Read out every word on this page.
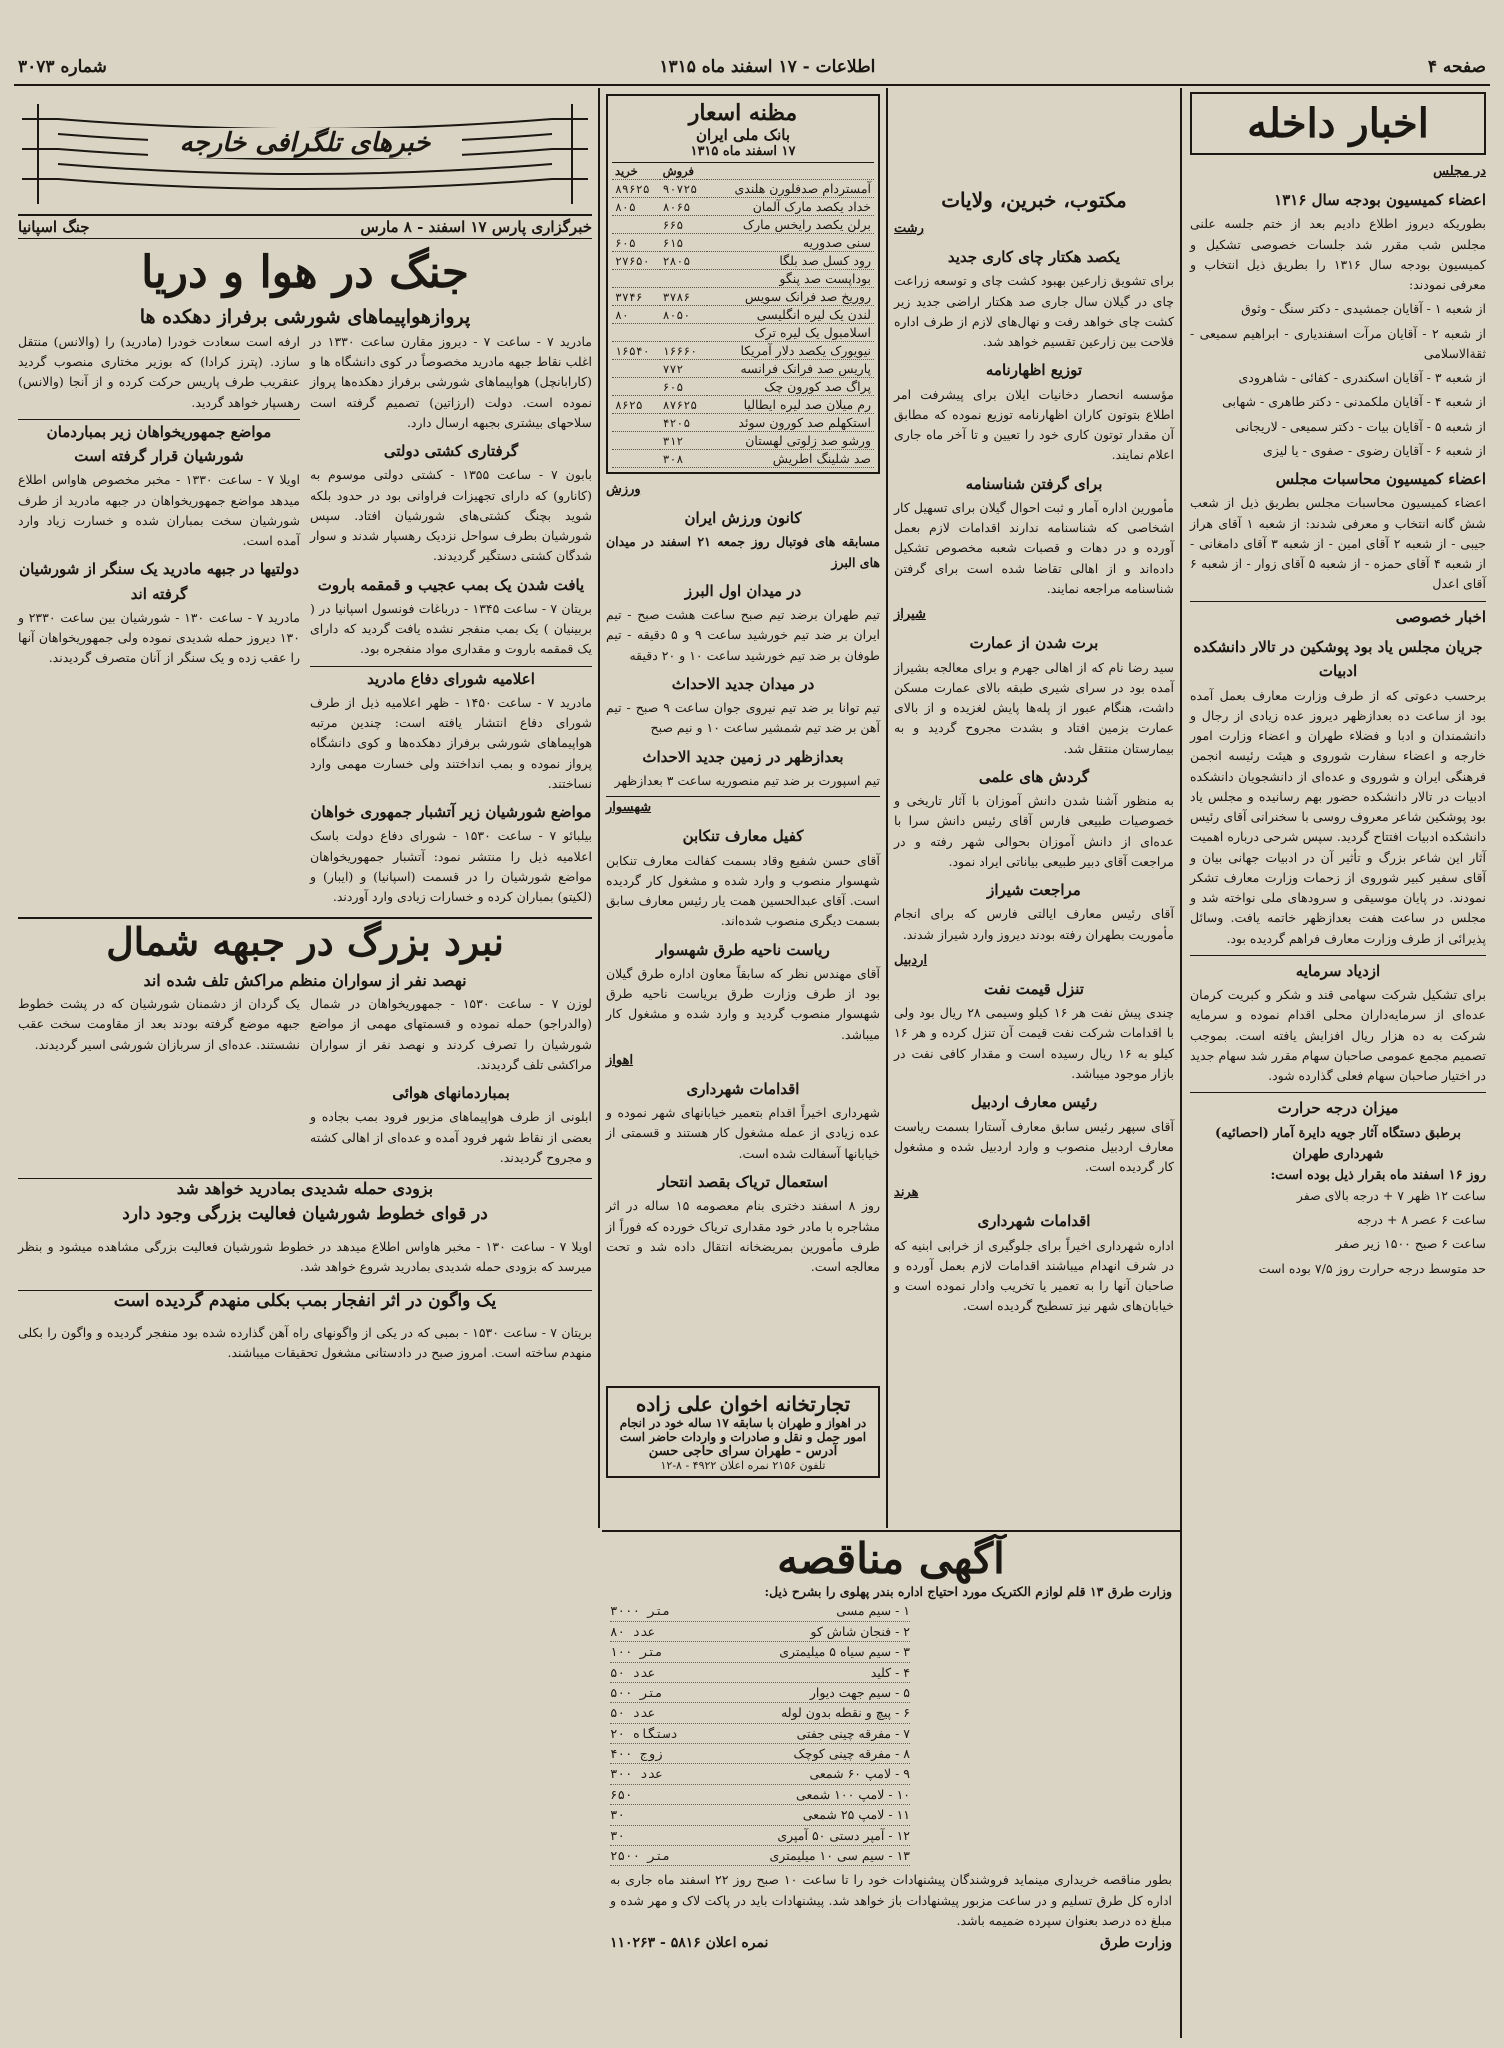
صفحه ۴
اطلاعات - ۱۷ اسفند ماه ۱۳۱۵
شماره ۳۰۷۳
اخبار داخله
در مجلس
اعضاء کمیسیون بودجه سال ۱۳۱۶

بطوریکه دیروز اطلاع دادیم بعد از ختم جلسه علنی مجلس شب مقرر شد جلسات خصوصی تشکیل و کمیسیون بودجه سال ۱۳۱۶ را بطریق ذیل انتخاب و معرفی نمودند:

از شعبه ۱ - آقایان جمشیدی - دکتر سنگ - وثوق

از شعبه ۲ - آقایان مرآت اسفندیاری - ابراهیم سمیعی - ثقةالاسلامی

از شعبه ۳ - آقایان اسکندری - کفائی - شاهرودی

از شعبه ۴ - آقایان ملکمدنی - دکتر طاهری - شهابی

از شعبه ۵ - آقایان بیات - دکتر سمیعی - لاریجانی

از شعبه ۶ - آقایان رضوی - صفوی - یا لیزی

اعضاء کمیسیون محاسبات مجلس

اعضاء کمیسیون محاسبات مجلس بطریق ذیل از شعب شش گانه انتخاب و معرفی شدند: از شعبه ۱ آقای هراز جیبی - از شعبه ۲ آقای امین - از شعبه ۳ آقای دامغانی - از شعبه ۴ آقای حمزه - از شعبه ۵ آقای زوار - از شعبه ۶ آقای اعدل

اخبار خصوصی
جریان مجلس یاد بود پوشکین در تالار دانشکده ادبیات

برحسب دعوتی که از طرف وزارت معارف بعمل آمده بود از ساعت ده بعدازظهر دیروز عده زیادی از رجال و دانشمندان و ادبا و فضلاء طهران و اعضاء وزارت امور خارجه و اعضاء سفارت شوروی و هیئت رئیسه انجمن فرهنگی ایران و شوروی و عده‌ای از دانشجویان دانشکده ادبیات در تالار دانشکده حضور بهم رسانیده و مجلس یاد بود پوشکین شاعر معروف روسی با سخنرانی آقای رئیس دانشکده ادبیات افتتاح گردید. سپس شرحی درباره اهمیت آثار این شاعر بزرگ و تأثیر آن در ادبیات جهانی بیان و آقای سفیر کبیر شوروی از زحمات وزارت معارف تشکر نمودند. در پایان موسیقی و سرودهای ملی نواخته شد و مجلس در ساعت هفت بعدازظهر خاتمه یافت. وسائل پذیرائی از طرف وزارت معارف فراهم گردیده بود.

ازدیاد سرمایه

برای تشکیل شرکت سهامی قند و شکر و کبریت کرمان عده‌ای از سرمایه‌داران محلی اقدام نموده و سرمایه شرکت به ده هزار ریال افزایش یافته است. بموجب تصمیم مجمع عمومی صاحبان سهام مقرر شد سهام جدید در اختیار صاحبان سهام فعلی گذارده شود.

میزان درجه حرارت
برطبق دستگاه آثار جویه دایرة آمار (احصائیه) شهرداری طهران
روز ۱۶ اسفند ماه بقرار ذیل بوده است:

ساعت ۱۲ ظهر ۷ + درجه بالای صفر

ساعت ۶ عصر ۸ + درجه

ساعت ۶ صبح ۱۵۰۰ زیر صفر

حد متوسط درجه حرارت روز ۷/۵ بوده است

مکتوب، خبرین، ولایات
رشت
یکصد هکتار چای کاری جدید

برای تشویق زارعین بهبود کشت چای و توسعه زراعت چای در گیلان سال جاری صد هکتار اراضی جدید زیر کشت چای خواهد رفت و نهال‌های لازم از طرف اداره فلاحت بین زارعین تقسیم خواهد شد.

توزیع اظهارنامه

مؤسسه انحصار دخانیات ایلان برای پیشرفت امر اطلاع بتوتون کاران اظهارنامه توزیع نموده که مطابق آن مقدار توتون کاری خود را تعیین و تا آخر ماه جاری اعلام نمایند.

برای گرفتن شناسنامه

مأمورین اداره آمار و ثبت احوال گیلان برای تسهیل کار اشخاصی که شناسنامه ندارند اقدامات لازم بعمل آورده و در دهات و قصبات شعبه مخصوص تشکیل داده‌اند و از اهالی تقاضا شده است برای گرفتن شناسنامه مراجعه نمایند.

شیراز
برت شدن از عمارت

سید رضا نام که از اهالی جهرم و برای معالجه بشیراز آمده بود در سرای شیری طبقه بالای عمارت مسکن داشت، هنگام عبور از پله‌ها پایش لغزیده و از بالای عمارت بزمین افتاد و بشدت مجروح گردید و به بیمارستان منتقل شد.

گردش های علمی

به منظور آشنا شدن دانش آموزان با آثار تاریخی و خصوصیات طبیعی فارس آقای رئیس دانش سرا با عده‌ای از دانش آموزان بحوالی شهر رفته و در مراجعت آقای دبیر طبیعی بیاناتی ایراد نمود.

مراجعت شیراز

آقای رئیس معارف ایالتی فارس که برای انجام مأموریت بطهران رفته بودند دیروز وارد شیراز شدند.

اردبیل
تنزل قیمت نفت

چندی پیش نفت هر ۱۶ کیلو وسیمی ۲۸ ریال بود ولی با اقدامات شرکت نفت قیمت آن تنزل کرده و هر ۱۶ کیلو به ۱۶ ریال رسیده است و مقدار کافی نفت در بازار موجود میباشد.

رئیس معارف اردبیل

آقای سپهر رئیس سابق معارف آستارا بسمت ریاست معارف اردبیل منصوب و وارد اردبیل شده و مشغول کار گردیده است.

هرند
اقدامات شهرداری

اداره شهرداری اخیراً برای جلوگیری از خرابی ابنیه که در شرف انهدام میباشند اقدامات لازم بعمل آورده و صاحبان آنها را به تعمیر یا تخریب وادار نموده است و خیابان‌های شهر نیز تسطیح گردیده است.

مظنه اسعار
بانک ملی ایران
۱۷ اسفند ماه ۱۳۱۵
	فروش	خرید
آمستردام صدفلورن هلندی	۹۰۷۲۵	۸۹۶۲۵
خداد یکصد مارک آلمان	۸۰۶۵	۸۰۵
برلن یکصد رایخس مارک	۶۶۵	
سنی صدوریه	۶۱۵	۶۰۵
رود کسل صد بلگا	۲۸۰۵	۲۷۶۵۰
بوداپست صد پنگو		
روریخ صد فرانک سویس	۳۷۸۶	۳۷۴۶
لندن یک لیره انگلیسی	۸۰۵۰	۸۰
اسلامبول یک لیره ترک		
نیویورک یکصد دلار آمریکا	۱۶۶۶۰	۱۶۵۴۰
پاریس صد فرانک فرانسه	۷۷۲	
پراگ صد کورون چک	۶۰۵	
رم میلان صد لیره ایطالیا	۸۷۶۲۵	۸۶۲۵
استکهلم صد کورون سوئد	۴۲۰۵	
ورشو صد زلوتی لهستان	۳۱۲	
صد شلینگ اطریش	۳۰۸	
ورزش
کانون ورزش ایران

مسابقه های فوتبال روز جمعه ۲۱ اسفند در میدان های البرز

در میدان اول البرز

تیم طهران برضد تیم صبح ساعت هشت صبح - تیم ایران بر ضد تیم خورشید ساعت ۹ و ۵ دقیقه - تیم طوفان بر ضد تیم خورشید ساعت ۱۰ و ۲۰ دقیقه

در میدان جدید الاحداث

تیم توانا بر ضد تیم نیروی جوان ساعت ۹ صبح - تیم آهن بر ضد تیم شمشیر ساعت ۱۰ و نیم صبح

بعدازظهر در زمین جدید الاحداث

تیم اسپورت بر ضد تیم منصوریه ساعت ۳ بعدازظهر

شهسوار
کفیل معارف تنکابن

آقای حسن شفیع وقاد بسمت کفالت معارف تنکابن شهسوار منصوب و وارد شده و مشغول کار گردیده است. آقای عبدالحسین همت یار رئیس معارف سابق بسمت دیگری منصوب شده‌اند.

ریاست ناحیه طرق شهسوار

آقای مهندس نظر که سابقاً معاون اداره طرق گیلان بود از طرف وزارت طرق بریاست ناحیه طرق شهسوار منصوب گردید و وارد شده و مشغول کار میباشد.

اهواز
اقدامات شهرداری

شهرداری اخیراً اقدام بتعمیر خیابانهای شهر نموده و عده زیادی از عمله مشغول کار هستند و قسمتی از خیابانها آسفالت شده است.

استعمال تریاک بقصد انتحار

روز ۸ اسفند دختری بنام معصومه ۱۵ ساله در اثر مشاجره با مادر خود مقداری تریاک خورده که فوراً از طرف مأمورین بمریضخانه انتقال داده شد و تحت معالجه است.

تجارتخانه اخوان علی زاده
در اهواز و طهران با سابقه ۱۷ ساله خود در انجام امور حمل و نقل و صادرات و واردات حاضر است
آدرس - طهران سرای حاجی حسن
تلفون ۲۱۵۶ نمره اعلان ۴۹۲۲ - ۸-۱۲
آگهی مناقصه
وزارت طرق ۱۳ قلم لوازم الکتریک مورد احتیاج اداره بندر پهلوی را بشرح ذیل:
۱ - سیم مسی
۳۰۰۰ متر
۲ - فنجان شاش کو
۸۰ عدد
۳ - سیم سیاه ۵ میلیمتری
۱۰۰ متر
۴ - کلید
۵۰ عدد
۵ - سیم جهت دیوار
۵۰۰ متر
۶ - پیچ و نقطه بدون لوله
۵۰ عدد
۷ - مفرقه چینی جفتی
۲۰ دستگاه
۸ - مفرقه چینی کوچک
۴۰۰ زوج
۹ - لامپ ۶۰ شمعی
۳۰۰ عدد
۱۰ - لامپ ۱۰۰ شمعی
۶۵۰
۱۱ - لامپ ۲۵ شمعی
۳۰
۱۲ - آمپر دستی ۵۰ آمپری
۳۰
۱۳ - سیم سی ۱۰ میلیمتری
۲۵۰۰ متر

بطور مناقصه خریداری مینماید فروشندگان پیشنهادات خود را تا ساعت ۱۰ صبح روز ۲۲ اسفند ماه جاری به اداره کل طرق تسلیم و در ساعت مزبور پیشنهادات باز خواهد شد. پیشنهادات باید در پاکت لاک و مهر شده و مبلغ ده درصد بعنوان سپرده ضمیمه باشد.

وزارت طرق
نمره اعلان ۵۸۱۶ - ۱۱۰۲۶۳
خبرهای تلگرافی خارجه
خبرگزاری پارس ۱۷ اسفند - ۸ مارس
جنگ اسپانیا
جنگ در هوا و دریا
پروازهواپیماهای شورشی برفراز دهکده ها

مادرید ۷ - ساعت ۷ - دیروز مقارن ساعت ۱۳۳۰ در اغلب نقاط جبهه مادرید مخصوصاً در کوی دانشگاه ها و (کارابانچل) هواپیماهای شورشی برفراز دهکده‌ها پرواز نموده است. دولت (ارزاتین) تصمیم گرفته است سلاحهای بیشتری بجبهه ارسال دارد.

گرفتاری کشتی دولتی

بابون ۷ - ساعت ۱۳۵۵ - کشتی دولتی موسوم به (کانارو) که دارای تجهیزات فراوانی بود در حدود بلکه شوید بچنگ کشتی‌های شورشیان افتاد. سپس شورشیان بطرف سواحل نزدیک رهسپار شدند و سوار شدگان کشتی دستگیر گردیدند.

یافت شدن یک بمب عجیب و قمقمه باروت

بریتان ۷ - ساعت ۱۳۴۵ - درباغات فونسول اسپانیا در ( بربینیان ) یک بمب منفجر نشده یافت گردید که دارای یک قمقمه باروت و مقداری مواد منفجره بود.

اعلامیه شورای دفاع مادرید

مادرید ۷ - ساعت ۱۴۵۰ - ظهر اعلامیه ذیل از طرف شورای دفاع انتشار یافته است: چندین مرتبه هواپیماهای شورشی برفراز دهکده‌ها و کوی دانشگاه پرواز نموده و بمب انداختند ولی خسارت مهمی وارد نساختند.

مواضع شورشیان زیر آتشبار جمهوری خواهان

بیلبائو ۷ - ساعت ۱۵۳۰ - شورای دفاع دولت باسک اعلامیه ذیل را منتشر نمود: آتشبار جمهوریخواهان مواضع شورشیان را در قسمت (اسپانیا) و (ایبار) و (لکیتو) بمباران کرده و خسارات زیادی وارد آوردند.

ارفه است سعادت خودرا (مادرید) را (والانس) منتقل سازد. (پترز کرادا) که بوزیر مختاری منصوب گردید عنقریب طرف پاریس حرکت کرده و از آنجا (والانس) رهسپار خواهد گردید.

مواضع جمهوریخواهان زیر بمباردمان شورشیان قرار گرفته است

اویلا ۷ - ساعت ۱۳۳۰ - مخبر مخصوص هاواس اطلاع میدهد مواضع جمهوریخواهان در جبهه مادرید از طرف شورشیان سخت بمباران شده و خسارت زیاد وارد آمده است.

دولتیها در جبهه مادرید یک سنگر از شورشیان گرفته اند

مادرید ۷ - ساعت ۱۳۰ - شورشیان بین ساعت ۲۳۳۰ و ۱۳۰ دیروز حمله شدیدی نموده ولی جمهوریخواهان آنها را عقب زده و یک سنگر از آنان متصرف گردیدند.

نبرد بزرگ در جبهه شمال
نهصد نفر از سواران منظم مراکش تلف شده اند

لوزن ۷ - ساعت ۱۵۳۰ - جمهوریخواهان در شمال (والدراجو) حمله نموده و قسمتهای مهمی از مواضع شورشیان را تصرف کردند و نهصد نفر از سواران مراکشی تلف گردیدند.

بمباردمانهای هوائی

ابلونی از طرف هواپیماهای مزبور فرود بمب بجاده و بعضی از نقاط شهر فرود آمده و عده‌ای از اهالی کشته و مجروح گردیدند.

یک گردان از دشمنان شورشیان که در پشت خطوط جبهه موضع گرفته بودند بعد از مقاومت سخت عقب نشستند. عده‌ای از سربازان شورشی اسیر گردیدند.

بزودی حمله شدیدی بمادرید خواهد شد
در قوای خطوط شورشیان فعالیت بزرگی وجود دارد

اویلا ۷ - ساعت ۱۳۰ - مخبر هاواس اطلاع میدهد در خطوط شورشیان فعالیت بزرگی مشاهده میشود و بنظر میرسد که بزودی حمله شدیدی بمادرید شروع خواهد شد.

یک واگون در اثر انفجار بمب بکلی منهدم گردیده است

بریتان ۷ - ساعت ۱۵۳۰ - بمبی که در یکی از واگونهای راه آهن گذارده شده بود منفجر گردیده و واگون را بکلی منهدم ساخته است. امروز صبح در دادستانی مشغول تحقیقات میباشند.
